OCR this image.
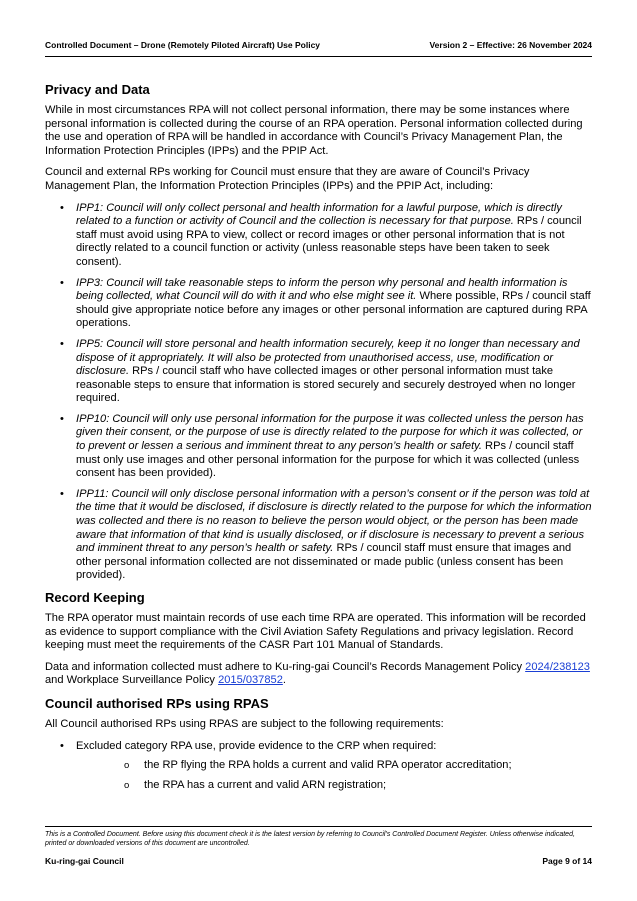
Controlled Document – Drone (Remotely Piloted Aircraft) Use Policy	Version 2 – Effective: 26 November 2024
Privacy and Data

While in most circumstances RPA will not collect personal information, there may be some instances where personal information is collected during the course of an RPA operation. Personal information collected during the use and operation of RPA will be handled in accordance with Council’s Privacy Management Plan, the Information Protection Principles (IPPs) and the PPIP Act.

Council and external RPs working for Council must ensure that they are aware of Council’s Privacy Management Plan, the Information Protection Principles (IPPs) and the PPIP Act, including:

• IPP1: Council will only collect personal and health information for a lawful purpose, which is directly related to a function or activity of Council and the collection is necessary for that purpose. RPs / council staff must avoid using RPA to view, collect or record images or other personal information that is not directly related to a council function or activity (unless reasonable steps have been taken to seek consent).
• IPP3: Council will take reasonable steps to inform the person why personal and health information is being collected, what Council will do with it and who else might see it. Where possible, RPs / council staff should give appropriate notice before any images or other personal information are captured during RPA operations.
• IPP5: Council will store personal and health information securely, keep it no longer than necessary and dispose of it appropriately. It will also be protected from unauthorised access, use, modification or disclosure. RPs / council staff who have collected images or other personal information must take reasonable steps to ensure that information is stored securely and securely destroyed when no longer required.
• IPP10: Council will only use personal information for the purpose it was collected unless the person has given their consent, or the purpose of use is directly related to the purpose for which it was collected, or to prevent or lessen a serious and imminent threat to any person’s health or safety. RPs / council staff must only use images and other personal information for the purpose for which it was collected (unless consent has been provided).
• IPP11: Council will only disclose personal information with a person’s consent or if the person was told at the time that it would be disclosed, if disclosure is directly related to the purpose for which the information was collected and there is no reason to believe the person would object, or the person has been made aware that information of that kind is usually disclosed, or if disclosure is necessary to prevent a serious and imminent threat to any person’s health or safety. RPs / council staff must ensure that images and other personal information collected are not disseminated or made public (unless consent has been provided).
Record Keeping

The RPA operator must maintain records of use each time RPA are operated. This information will be recorded as evidence to support compliance with the Civil Aviation Safety Regulations and privacy legislation. Record keeping must meet the requirements of the CASR Part 101 Manual of Standards.

Data and information collected must adhere to Ku-ring-gai Council’s Records Management Policy 2024/238123 and Workplace Surveillance Policy 2015/037852.

Council authorised RPs using RPAS

All Council authorised RPs using RPAS are subject to the following requirements:

• Excluded category RPA use, provide evidence to the CRP when required:
o the RP flying the RPA holds a current and valid RPA operator accreditation;
o the RPA has a current and valid ARN registration;
This is a Controlled Document. Before using this document check it is the latest version by referring to Council’s Controlled Document Register. Unless otherwise indicated, printed or downloaded versions of this document are uncontrolled.
Ku-ring-gai Council	Page 9 of 14
